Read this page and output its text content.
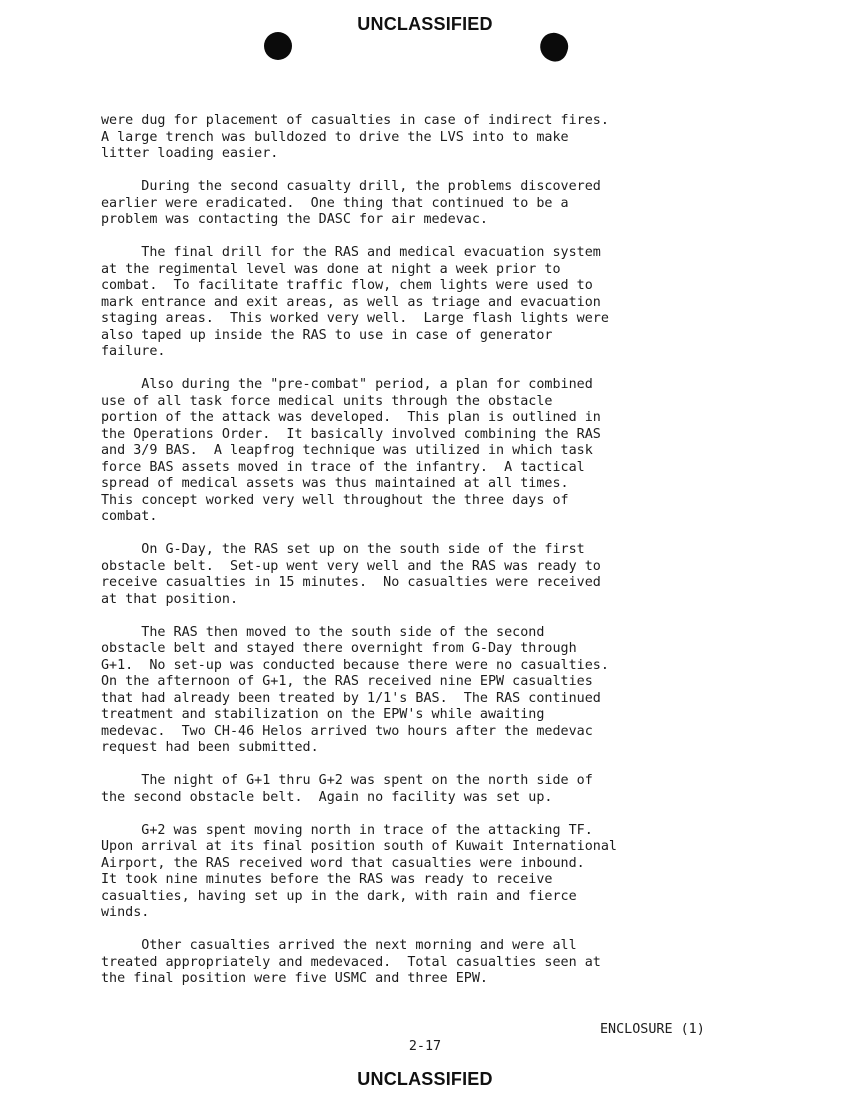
UNCLASSIFIED

were dug for placement of casualties in case of indirect fires.
A large trench was bulldozed to drive the LVS into to make
litter loading easier.

During the second casualty drill, the problems discovered
earlier were eradicated.  One thing that continued to be a
problem was contacting the DASC for air medevac.

The final drill for the RAS and medical evacuation system
at the regimental level was done at night a week prior to
combat.  To facilitate traffic flow, chem lights were used to
mark entrance and exit areas, as well as triage and evacuation
staging areas.  This worked very well.  Large flash lights were
also taped up inside the RAS to use in case of generator
failure.

Also during the "pre-combat" period, a plan for combined
use of all task force medical units through the obstacle
portion of the attack was developed.  This plan is outlined in
the Operations Order.  It basically involved combining the RAS
and 3/9 BAS.  A leapfrog technique was utilized in which task
force BAS assets moved in trace of the infantry.  A tactical
spread of medical assets was thus maintained at all times.
This concept worked very well throughout the three days of
combat.

On G-Day, the RAS set up on the south side of the first
obstacle belt.  Set-up went very well and the RAS was ready to
receive casualties in 15 minutes.  No casualties were received
at that position.

The RAS then moved to the south side of the second
obstacle belt and stayed there overnight from G-Day through
G+1.  No set-up was conducted because there were no casualties.
On the afternoon of G+1, the RAS received nine EPW casualties
that had already been treated by 1/1's BAS.  The RAS continued
treatment and stabilization on the EPW's while awaiting
medevac.  Two CH-46 Helos arrived two hours after the medevac
request had been submitted.

The night of G+1 thru G+2 was spent on the north side of
the second obstacle belt.  Again no facility was set up.

G+2 was spent moving north in trace of the attacking TF.
Upon arrival at its final position south of Kuwait International
Airport, the RAS received word that casualties were inbound.
It took nine minutes before the RAS was ready to receive
casualties, having set up in the dark, with rain and fierce
winds.

Other casualties arrived the next morning and were all
treated appropriately and medevaced.  Total casualties seen at
the final position were five USMC and three EPW.

ENCLOSURE (1)
2-17
UNCLASSIFIED
